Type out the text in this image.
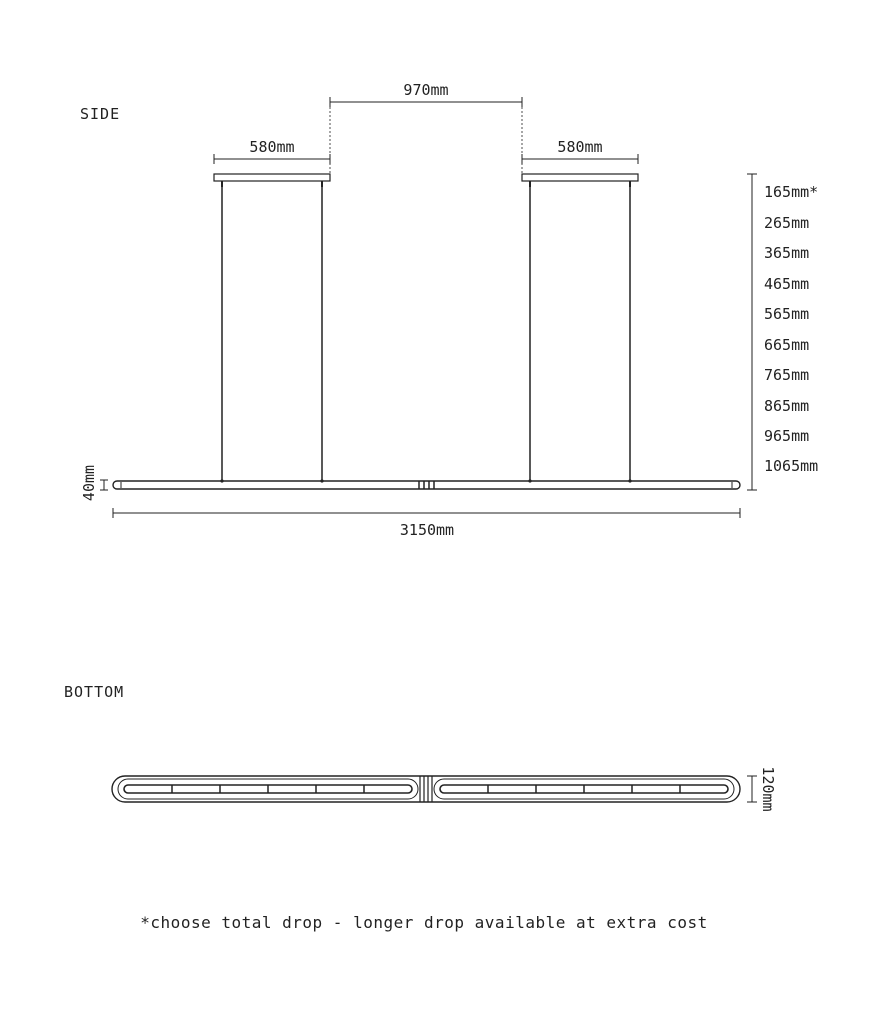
SIDE
970mm
580mm	580mm
40mm
3150mm
165mm*
265mm
365mm
465mm
565mm
665mm
765mm
865mm
965mm
1065mm
BOTTOM
120mm
*choose total drop - longer drop available at extra cost
